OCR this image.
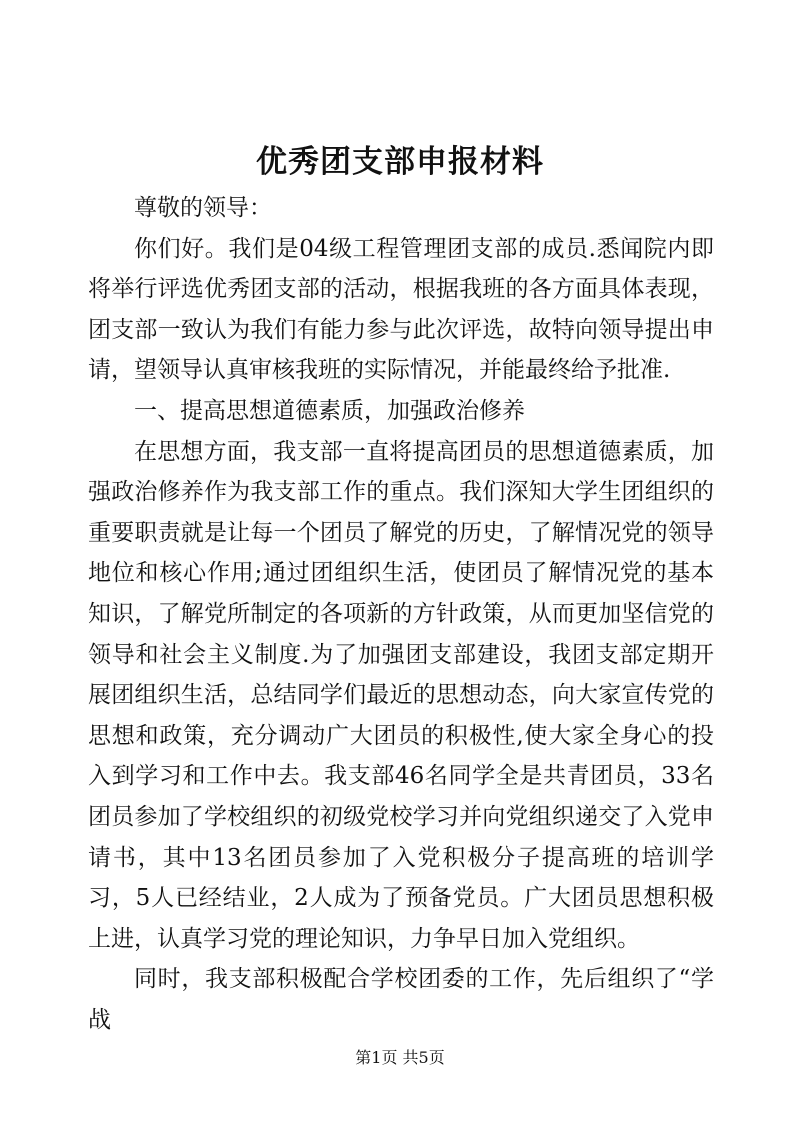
优秀团支部申报材料

尊敬的领导：

你们好。我们是04级工程管理团支部的成员.悉闻院内即将举行评选优秀团支部的活动，根据我班的各方面具体表现，团支部一致认为我们有能力参与此次评选，故特向领导提出申请，望领导认真审核我班的实际情况，并能最终给予批准.

一、提高思想道德素质，加强政治修养

在思想方面，我支部一直将提高团员的思想道德素质，加强政治修养作为我支部工作的重点。我们深知大学生团组织的重要职责就是让每一个团员了解党的历史，了解情况党的领导地位和核心作用;通过团组织生活，使团员了解情况党的基本知识，了解党所制定的各项新的方针政策，从而更加坚信党的领导和社会主义制度.为了加强团支部建设，我团支部定期开展团组织生活，总结同学们最近的思想动态，向大家宣传党的思想和政策，充分调动广大团员的积极性,使大家全身心的投入到学习和工作中去。我支部46名同学全是共青团员，33名团员参加了学校组织的初级党校学习并向党组织递交了入党申请书，其中13名团员参加了入党积极分子提高班的培训学习，5人已经结业，2人成为了预备党员。广大团员思想积极上进，认真学习党的理论知识，力争早日加入党组织。

同时，我支部积极配合学校团委的工作，先后组织了“学战

第1页 共5页
